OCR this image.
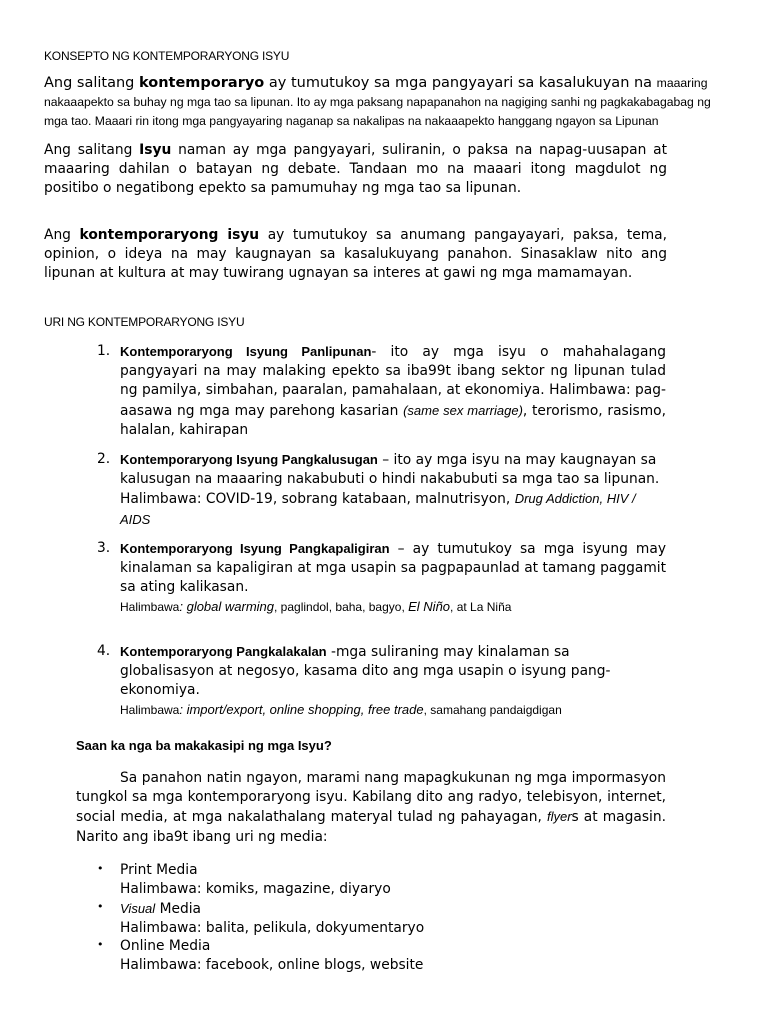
KONSEPTO NG KONTEMPORARYONG ISYU
Ang salitang kontemporaryo ay tumutukoy sa mga pangyayari sa kasalukuyan na maaaring nakaaapekto sa buhay ng mga tao sa lipunan. Ito ay mga paksang napapanahon na nagiging sanhi ng pagkakabagabag ng mga tao. Maaari rin itong mga pangyayaring naganap sa nakalipas na nakaaapekto hanggang ngayon sa Lipunan
Ang salitang Isyu naman ay mga pangyayari, suliranin, o paksa na napag-uusapan at maaaring dahilan o batayan ng debate. Tandaan mo na maaari itong magdulot ng positibo o negatibong epekto sa pamumuhay ng mga tao sa lipunan.
Ang kontemporaryong isyu ay tumutukoy sa anumang pangayayari, paksa, tema, opinion, o ideya na may kaugnayan sa kasalukuyang panahon. Sinasaklaw nito ang lipunan at kultura at may tuwirang ugnayan sa interes at gawi ng mga mamamayan.
URI NG KONTEMPORARYONG ISYU
1. Kontemporaryong Isyung Panlipunan- ito ay mga isyu o mahahalagang pangyayari na may malaking epekto sa iba99t ibang sektor ng lipunan tulad ng pamilya, simbahan, paaralan, pamahalaan, at ekonomiya. Halimbawa: pag-aasawa ng mga may parehong kasarian (same sex marriage), terorismo, rasismo, halalan, kahirapan
2. Kontemporaryong Isyung Pangkalusugan – ito ay mga isyu na may kaugnayan sa kalusugan na maaaring nakabubuti o hindi nakabubuti sa mga tao sa lipunan. Halimbawa: COVID-19, sobrang katabaan, malnutrisyon, Drug Addiction, HIV / AIDS
3. Kontemporaryong Isyung Pangkapaligiran – ay tumutukoy sa mga isyung may kinalaman sa kapaligiran at mga usapin sa pagpapaunlad at tamang paggamit sa ating kalikasan.
Halimbawa: global warming, paglindol, baha, bagyo, El Niño, at La Niña
4. Kontemporaryong Pangkalakalan -mga suliraning may kinalaman sa globalisasyon at negosyo, kasama dito ang mga usapin o isyung pang-ekonomiya.
Halimbawa: import/export, online shopping, free trade, samahang pandaigdigan
Saan ka nga ba makakasipi ng mga Isyu?
Sa panahon natin ngayon, marami nang mapagkukunan ng mga impormasyon tungkol sa mga kontemporaryong isyu. Kabilang dito ang radyo, telebisyon, internet, social media, at mga nakalathalang materyal tulad ng pahayagan, flyers at magasin. Narito ang iba9t ibang uri ng media:
• Print Media
Halimbawa: komiks, magazine, diyaryo
• Visual Media
Halimbawa: balita, pelikula, dokyumentaryo
• Online Media
Halimbawa: facebook, online blogs, website
